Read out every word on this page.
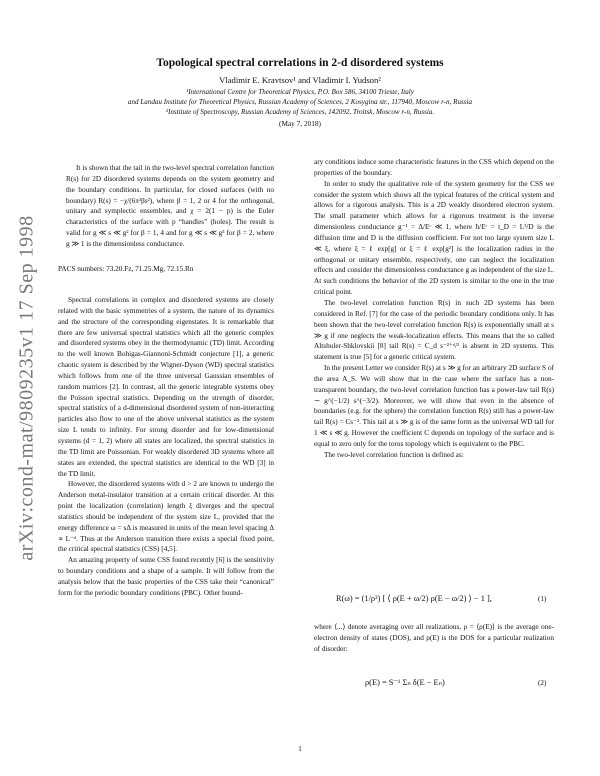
arXiv:cond-mat/9809235v1 17 Sep 1998
Topological spectral correlations in 2-d disordered systems
Vladimir E. Kravtsov¹ and Vladimir I. Yudson²
¹International Centre for Theoretical Physics, P.O. Box 586, 34100 Trieste, Italy
and Landau Institute for Theoretical Physics, Russian Academy of Sciences, 2 Kosygina str., 117940, Moscow r-n, Russia
²Institute of Spectroscopy, Russian Academy of Sciences, 142092, Troitsk, Moscow r-n, Russia.
(May 7, 2018)

It is shown that the tail in the two-level spectral correlation function R(s) for 2D disordered systems depends on the system geometry and the boundary conditions. In particular, for closed surfaces (with no boundary) R(s) = −χ/(6π²βs²), where β = 1, 2 or 4 for the orthogonal, unitary and symplectic ensembles, and χ = 2(1 − p) is the Euler characteristics of the surface with p “handles” (holes). The result is valid for g ≪ s ≪ g² for β = 1, 4 and for g ≪ s ≪ g³ for β = 2, where g ≫ 1 is the dimensionless conductance.

PACS numbers: 73.20.Fz, 71.25.Mg, 72.15.Rn

Spectral correlations in complex and disordered systems are closely related with the basic symmetries of a system, the nature of its dynamics and the structure of the corresponding eigenstates. It is remarkable that there are few universal spectral statistics which all the generic complex and disordered systems obey in the thermodynamic (TD) limit. According to the well known Bohigas-Giannoni-Schmidt conjecture [1], a generic chaotic system is described by the Wigner-Dyson (WD) spectral statistics which follows from one of the three universal Gaussian ensembles of random matrices [2]. In contrast, all the generic integrable systems obey the Poisson spectral statistics. Depending on the strength of disorder, spectral statistics of a d-dimensional disordered system of non-interacting particles also flow to one of the above universal statistics as the system size L tends to infinity. For strong disorder and for low-dimensional systems (d = 1, 2) where all states are localized, the spectral statistics in the TD limit are Poissonian. For weakly disordered 3D systems where all states are extended, the spectral statistics are identical to the WD [3] in the TD limit.

However, the disordered systems with d > 2 are known to undergo the Anderson metal-insulator transition at a certain critical disorder. At this point the localization (correlation) length ξ diverges and the spectral statistics should be independent of the system size L, provided that the energy difference ω = sΔ is measured in units of the mean level spacing Δ ∝ L⁻ᵈ. Thus at the Anderson transition there exists a special fixed point, the critical spectral statistics (CSS) [4,5].

An amazing property of some CSS found recently [6] is the sensitivity to boundary conditions and a shape of a sample. It will follow from the analysis below that the basic properties of the CSS take their “canonical” form for the periodic boundary conditions (PBC). Other bound-

ary conditions induce some characteristic features in the CSS which depend on the properties of the boundary.

In order to study the qualitative role of the system geometry for the CSS we consider the system which shows all the typical features of the critical system and allows for a rigorous analysis. This is a 2D weakly disordered electron system. The small parameter which allows for a rigorous treatment is the inverse dimensionless conductance g⁻¹ = Δ/Eᶜ ≪ 1, where ħ/Eᶜ = t_D = L²/D is the diffusion time and D is the diffusion coefficient. For not too large system size L ≪ ξ, where ξ = ℓ exp[g] or ξ = ℓ exp[g²] is the localization radius in the orthogonal or unitary ensemble, respectively, one can neglect the localization effects and consider the dimensionless conductance g as independent of the size L. At such conditions the behavior of the 2D system is similar to the one in the true critical point.

The two-level correlation function R(s) in such 2D systems has been considered in Ref. [7] for the case of the periodic boundary conditions only. It has been shown that the two-level correlation function R(s) is exponentially small at s ≫ g if one neglects the weak-localization effects. This means that the so called Altshuler-Shklovskii [8] tail R(s) = C_d s⁻²⁺ᵈ/² is absent in 2D systems. This statement is true [5] for a generic critical system.

In the present Letter we consider R(s) at s ≫ g for an arbitrary 2D surface S of the area A_S. We will show that in the case where the surface has a non-transparent boundary, the two-level correlation function has a power-law tail R(s) ∼ g^(−1/2) s^(−3/2). Moreover, we will show that even in the absence of boundaries (e.g. for the sphere) the correlation function R(s) still has a power-law tail R(s) = Cs⁻². This tail at s ≫ g is of the same form as the universal WD tail for 1 ≪ s ≪ g. However the coefficient C depends on topology of the surface and is equal to zero only for the torus topology which is equivalent to the PBC.

The two-level correlation function is defined as:

R(ω) = (1/ρ²) [ ⟨ ρ(E + ω/2) ρ(E − ω/2) ⟩ − 1 ],	(1)

where ⟨...⟩ denote averaging over all realizations, ρ = ⟨ρ(E)⟩ is the average one-electron density of states (DOS), and ρ(E) is the DOS for a particular realization of disorder:

ρ(E) = S⁻¹ Σₙ δ(E − Eₙ)	(2)
1
